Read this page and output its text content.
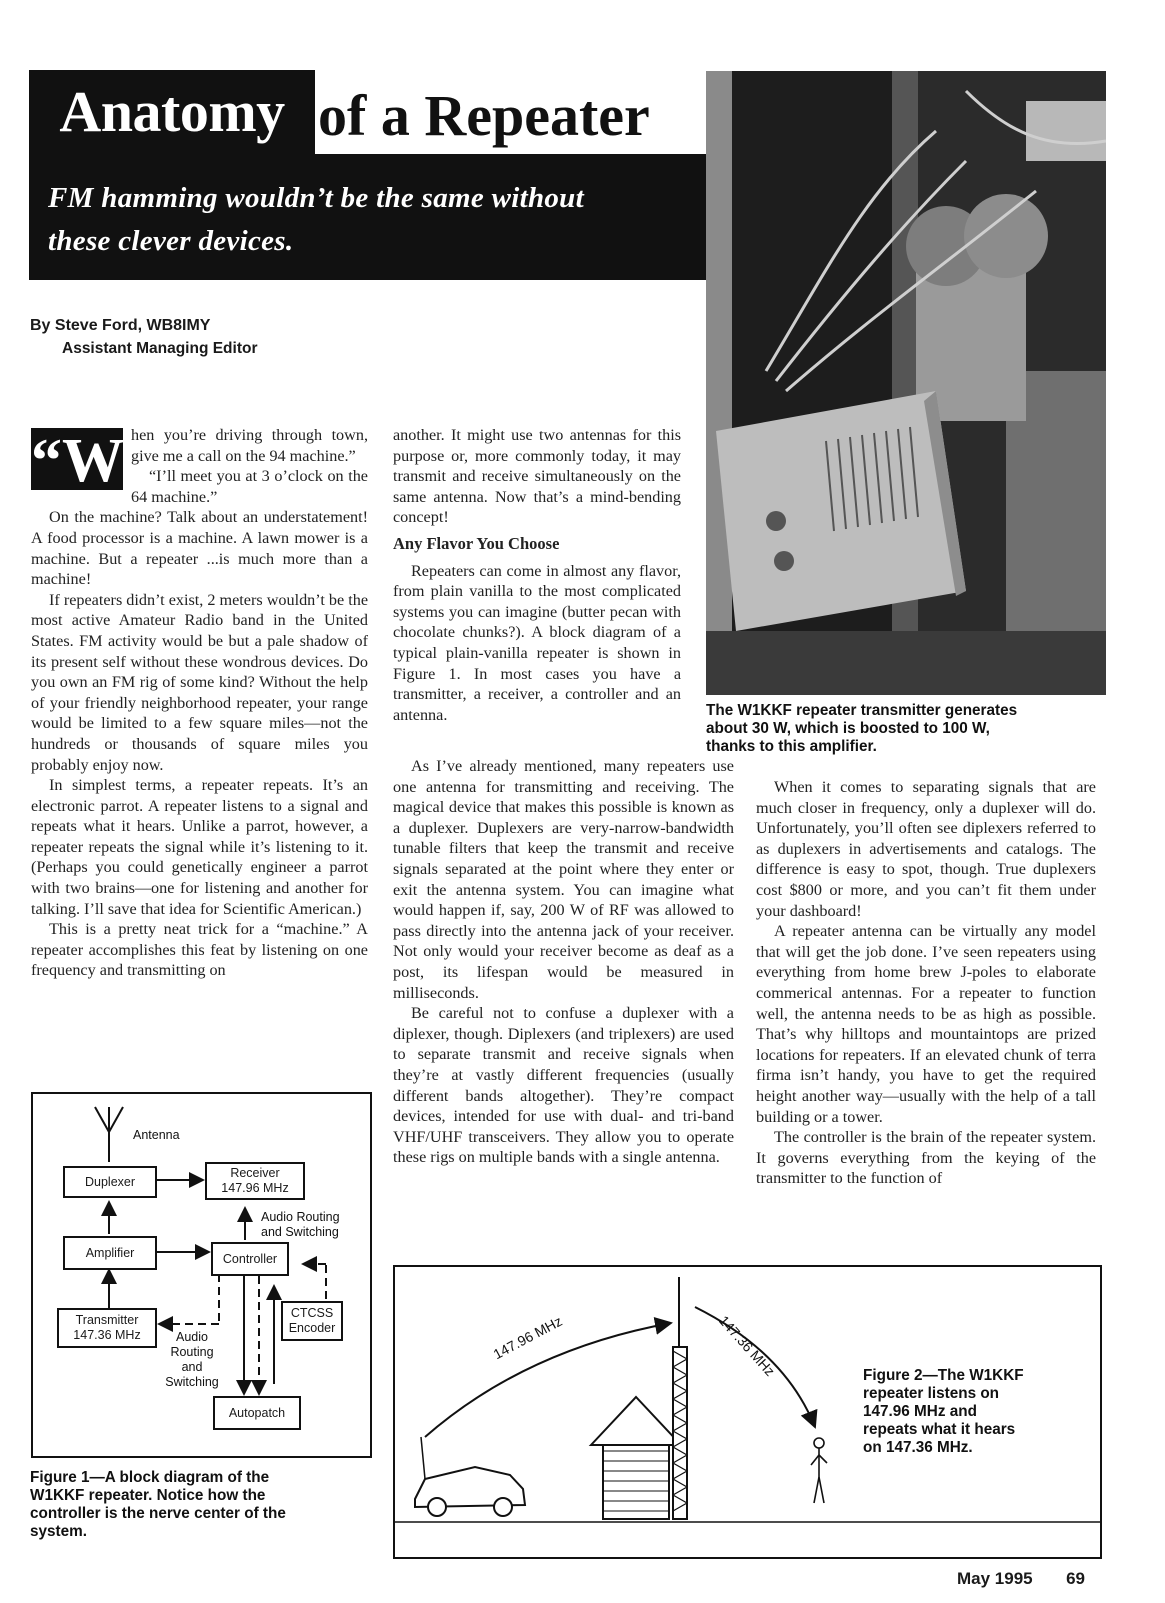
Anatomy of a Repeater
FM hamming wouldn’t be the same without
these clever devices.
The W1KKF repeater transmitter generates
about 30 W, which is boosted to 100 W,
thanks to this amplifier.
By Steve Ford, WB8IMY
Assistant Managing Editor
“W hen you’re driving through town, give me a call on the 94 machine.”

“I’ll meet you at 3 o’clock on the 64 machine.”

On the machine? Talk about an understatement! A food processor is a machine. A lawn mower is a machine. But a repeater ...is much more than a machine!

If repeaters didn’t exist, 2 meters wouldn’t be the most active Amateur Radio band in the United States. FM activity would be but a pale shadow of its present self without these wondrous devices. Do you own an FM rig of some kind? Without the help of your friendly neighborhood repeater, your range would be limited to a few square miles—not the hundreds or thousands of square miles you probably enjoy now.

In simplest terms, a repeater repeats. It’s an electronic parrot. A repeater listens to a signal and repeats what it hears. Unlike a parrot, however, a repeater repeats the signal while it’s listening to it. (Perhaps you could genetically engineer a parrot with two brains—one for listening and another for talking. I’ll save that idea for Scientific American.)

This is a pretty neat trick for a “machine.” A repeater accomplishes this feat by listening on one frequency and transmitting on

another. It might use two antennas for this purpose or, more commonly today, it may transmit and receive simultaneously on the same antenna. Now that’s a mind-bending concept!

Any Flavor You Choose

Repeaters can come in almost any flavor, from plain vanilla to the most complicated systems you can imagine (butter pecan with chocolate chunks?). A block diagram of a typical plain-vanilla repeater is shown in Figure 1. In most cases you have a transmitter, a receiver, a controller and an antenna.

As I’ve already mentioned, many repeaters use one antenna for transmitting and receiving. The magical device that makes this possible is known as a duplexer. Duplexers are very-narrow-bandwidth tunable filters that keep the transmit and receive signals separated at the point where they enter or exit the antenna system. You can imagine what would happen if, say, 200 W of RF was allowed to pass directly into the antenna jack of your receiver. Not only would your receiver become as deaf as a post, its lifespan would be measured in milliseconds.

Be careful not to confuse a duplexer with a diplexer, though. Diplexers (and triplexers) are used to separate transmit and receive signals when they’re at vastly different frequencies (usually different bands altogether). They’re compact devices, intended for use with dual- and tri-band VHF/UHF transceivers. They allow you to operate these rigs on multiple bands with a single antenna.

When it comes to separating signals that are much closer in frequency, only a duplexer will do. Unfortunately, you’ll often see diplexers referred to as duplexers in advertisements and catalogs. The difference is easy to spot, though. True duplexers cost $800 or more, and you can’t fit them under your dashboard!

A repeater antenna can be virtually any model that will get the job done. I’ve seen repeaters using everything from home brew J-poles to elaborate commerical antennas. For a repeater to function well, the antenna needs to be as high as possible. That’s why hilltops and mountaintops are prized locations for repeaters. If an elevated chunk of terra firma isn’t handy, you have to get the required height another way—usually with the help of a tall building or a tower.

The controller is the brain of the repeater system. It governs everything from the keying of the transmitter to the function of

Antenna
Duplexer
Receiver
147.96 MHz
Audio Routing
and Switching
Amplifier	Controller
Transmitter
147.36 MHz
CTCSS
Encoder
Audio
Routing
and
Switching
Autopatch
Figure 1—A block diagram of the
W1KKF repeater. Notice how the
controller is the nerve center of the
system.
147.96 MHz	147.36 MHz	Figure 2—The W1KKF
repeater listens on
147.96 MHz and
repeats what it hears
on 147.36 MHz.
May 1995 69
